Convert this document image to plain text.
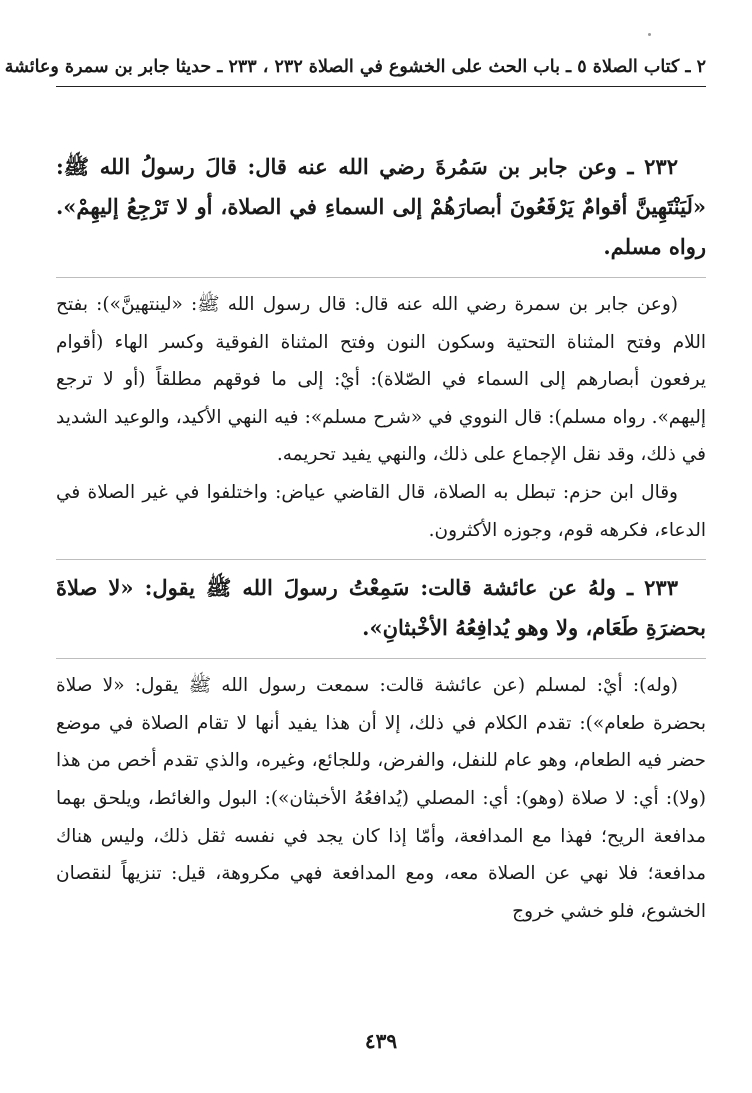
٢ ـ كتاب الصلاة ٥ ـ باب الحث على الخشوع في الصلاة ٢٣٢ ، ٢٣٣ ـ حديثا جابر بن سمرة وعائشة

٢٣٢ ـ وعن جابر بن سَمُرةَ رضي الله عنه قال: قالَ رسولُ الله ﷺ: «لَيَنْتَهِينَّ أقوامٌ يَرْفَعُونَ أبصارَهُمْ إلى السماءِ في الصلاة، أو لا تَرْجِعُ إليهِمْ». رواه مسلم.

(وعن جابر بن سمرة رضي الله عنه قال: قال رسول الله ﷺ: «لينتهينَّ»): بفتح اللام وفتح المثناة التحتية وسكون النون وفتح المثناة الفوقية وكسر الهاء (أقوام يرفعون أبصارهم إلى السماء في الصّلاة): أيْ: إلى ما فوقهم مطلقاً (أو لا ترجع إليهم». رواه مسلم): قال النووي في «شرح مسلم»: فيه النهي الأكيد، والوعيد الشديد في ذلك، وقد نقل الإجماع على ذلك، والنهي يفيد تحريمه.

وقال ابن حزم: تبطل به الصلاة، قال القاضي عياض: واختلفوا في غير الصلاة في الدعاء، فكرهه قوم، وجوزه الأكثرون.

٢٣٣ ـ ولهُ عن عائشة قالت: سَمِعْتُ رسولَ الله ﷺ يقول: «لا صلاةَ بحضرَةِ طَعَام، ولا وهو يُدافِعُهُ الأخْبثانِ».

(وله): أيْ: لمسلم (عن عائشة قالت: سمعت رسول الله ﷺ يقول: «لا صلاة بحضرة طعام»): تقدم الكلام في ذلك، إلا أن هذا يفيد أنها لا تقام الصلاة في موضع حضر فيه الطعام، وهو عام للنفل، والفرض، وللجائع، وغيره، والذي تقدم أخص من هذا (ولا): أي: لا صلاة (وهو): أي: المصلي (يُدافعُهُ الأخبثان»): البول والغائط، ويلحق بهما مدافعة الريح؛ فهذا مع المدافعة، وأمّا إذا كان يجد في نفسه ثقل ذلك، وليس هناك مدافعة؛ فلا نهي عن الصلاة معه، ومع المدافعة فهي مكروهة، قيل: تنزيهاً لنقصان الخشوع، فلو خشي خروج

٤٣٩
